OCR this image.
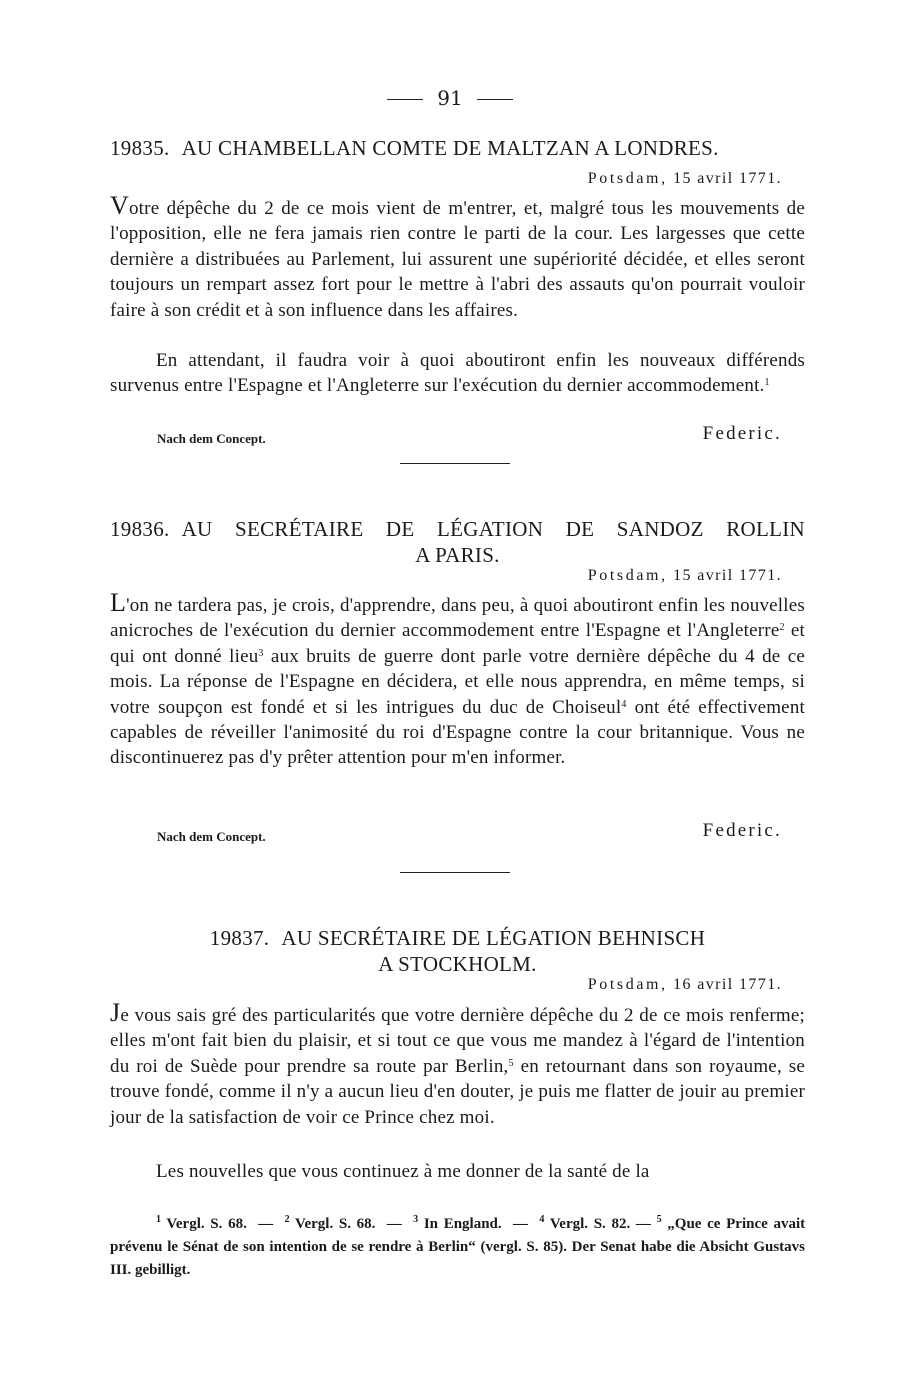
91
19835. AU CHAMBELLAN COMTE DE MALTZAN A LONDRES.
Potsdam, 15 avril 1771.
Votre dépêche du 2 de ce mois vient de m'entrer, et, malgré tous les mouvements de l'opposition, elle ne fera jamais rien contre le parti de la cour. Les largesses que cette dernière a distribuées au Parlement, lui assurent une supériorité décidée, et elles seront toujours un rempart assez fort pour le mettre à l'abri des assauts qu'on pourrait vouloir faire à son crédit et à son influence dans les affaires.
En attendant, il faudra voir à quoi aboutiront enfin les nouveaux différends survenus entre l'Espagne et l'Angleterre sur l'exécution du dernier accommodement.$^1$
Nach dem Concept.	Federic.
19836. AU SECRÉTAIRE DE LÉGATION DE SANDOZ ROLLIN
A PARIS.
Potsdam, 15 avril 1771.
L'on ne tardera pas, je crois, d'apprendre, dans peu, à quoi aboutiront enfin les nouvelles anicroches de l'exécution du dernier accommodement entre l'Espagne et l'Angleterre$^2$ et qui ont donné lieu$^3$ aux bruits de guerre dont parle votre dernière dépêche du 4 de ce mois. La réponse de l'Espagne en décidera, et elle nous apprendra, en même temps, si votre soupçon est fondé et si les intrigues du duc de Choiseul$^4$ ont été effectivement capables de réveiller l'animosité du roi d'Espagne contre la cour britannique. Vous ne discontinuerez pas d'y prêter attention pour m'en informer.
Nach dem Concept.	Federic.
19837. AU SECRÉTAIRE DE LÉGATION BEHNISCH
A STOCKHOLM.
Potsdam, 16 avril 1771.
Je vous sais gré des particularités que votre dernière dépêche du 2 de ce mois renferme; elles m'ont fait bien du plaisir, et si tout ce que vous me mandez à l'égard de l'intention du roi de Suède pour prendre sa route par Berlin,$^5$ en retournant dans son royaume, se trouve fondé, comme il n'y a aucun lieu d'en douter, je puis me flatter de jouir au premier jour de la satisfaction de voir ce Prince chez moi.
Les nouvelles que vous continuez à me donner de la santé de la
$^1$ Vergl. S. 68. — $^2$ Vergl. S. 68. — $^3$ In England. — $^4$ Vergl. S. 82. — $^5$ „Que ce Prince avait prévenu le Sénat de son intention de se rendre à Berlin“ (vergl. S. 85). Der Senat habe die Absicht Gustavs III. gebilligt.
